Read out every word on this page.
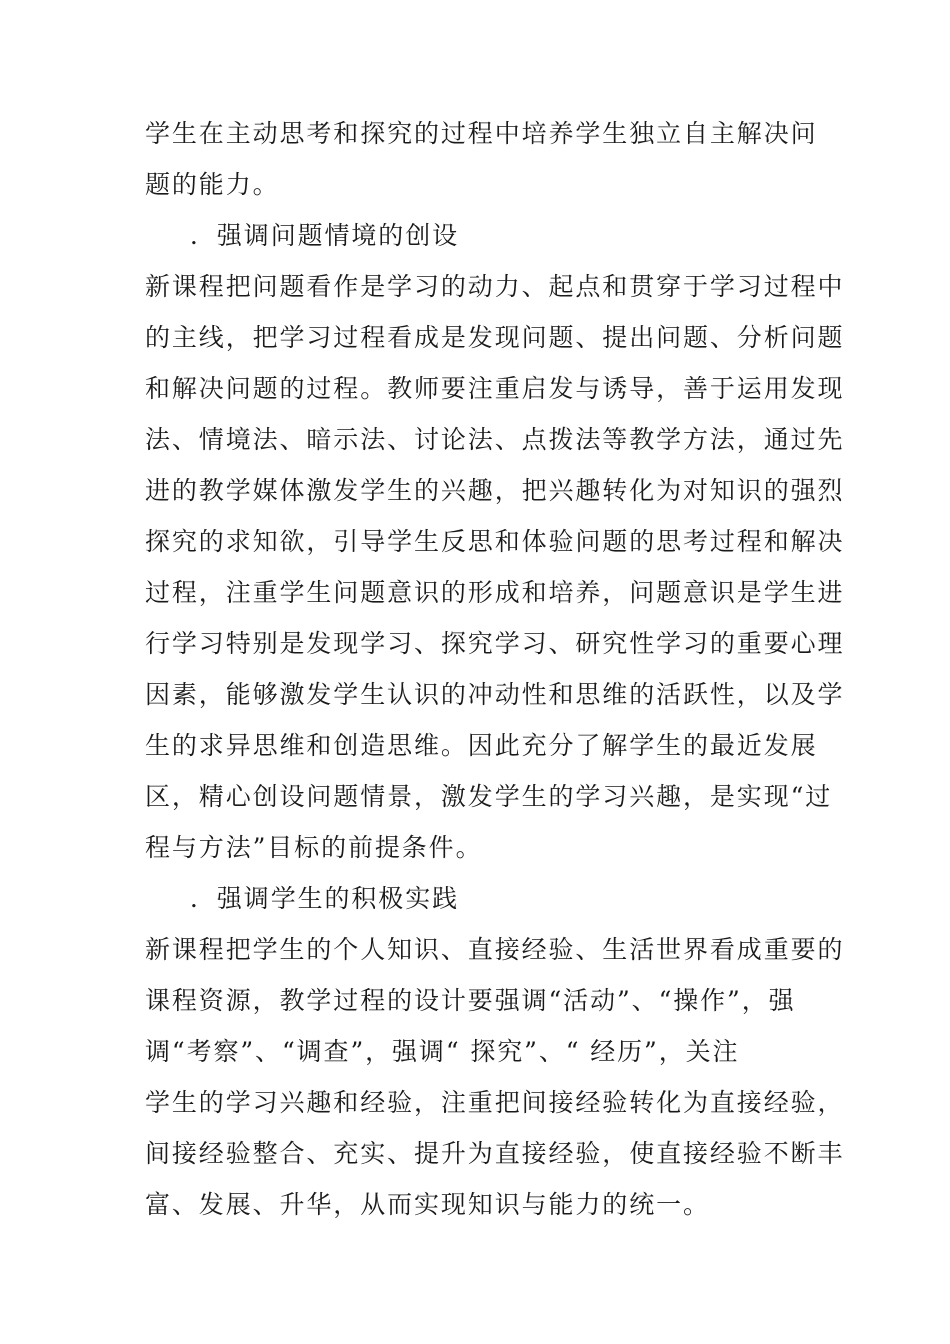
学生在主动思考和探究的过程中培养学生独立自主解决问

题的能力。

．强调问题情境的创设

新课程把问题看作是学习的动力、起点和贯穿于学习过程中

的主线，把学习过程看成是发现问题、提出问题、分析问题

和解决问题的过程。教师要注重启发与诱导，善于运用发现

法、情境法、暗示法、讨论法、点拨法等教学方法，通过先

进的教学媒体激发学生的兴趣，把兴趣转化为对知识的强烈

探究的求知欲，引导学生反思和体验问题的思考过程和解决

过程，注重学生问题意识的形成和培养，问题意识是学生进

行学习特别是发现学习、探究学习、研究性学习的重要心理

因素，能够激发学生认识的冲动性和思维的活跃性，以及学

生的求异思维和创造思维。因此充分了解学生的最近发展

区，精心创设问题情景，激发学生的学习兴趣，是实现“过

程与方法”目标的前提条件。

．强调学生的积极实践

新课程把学生的个人知识、直接经验、生活世界看成重要的

课程资源，教学过程的设计要强调“活动”、“操作”，强

调“考察”、“调查”，强调“ 探究”、“ 经历”，关注

学生的学习兴趣和经验，注重把间接经验转化为直接经验，

间接经验整合、充实、提升为直接经验，使直接经验不断丰

富、发展、升华，从而实现知识与能力的统一。
